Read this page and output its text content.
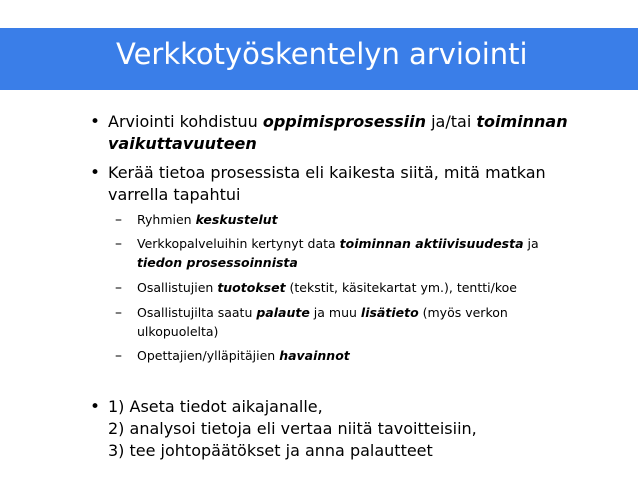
Verkkotyöskentelyn arviointi
• Arviointi kohdistuu oppimisprosessiin ja/tai toiminnan
vaikuttavuuteen
• Kerää tietoa prosessista eli kaikesta siitä, mitä matkan
varrella tapahtui
– Ryhmien keskustelut
– Verkkopalveluihin kertynyt data toiminnan aktiivisuudesta ja
tiedon prosessoinnista
– Osallistujien tuotokset (tekstit, käsitekartat ym.), tentti/koe
– Osallistujilta saatu palaute ja muu lisätieto (myös verkon
ulkopuolelta)
– Opettajien/ylläpitäjien havainnot
• 1) Aseta tiedot aikajanalle,
2) analysoi tietoja eli vertaa niitä tavoitteisiin,
3) tee johtopäätökset ja anna palautteet
